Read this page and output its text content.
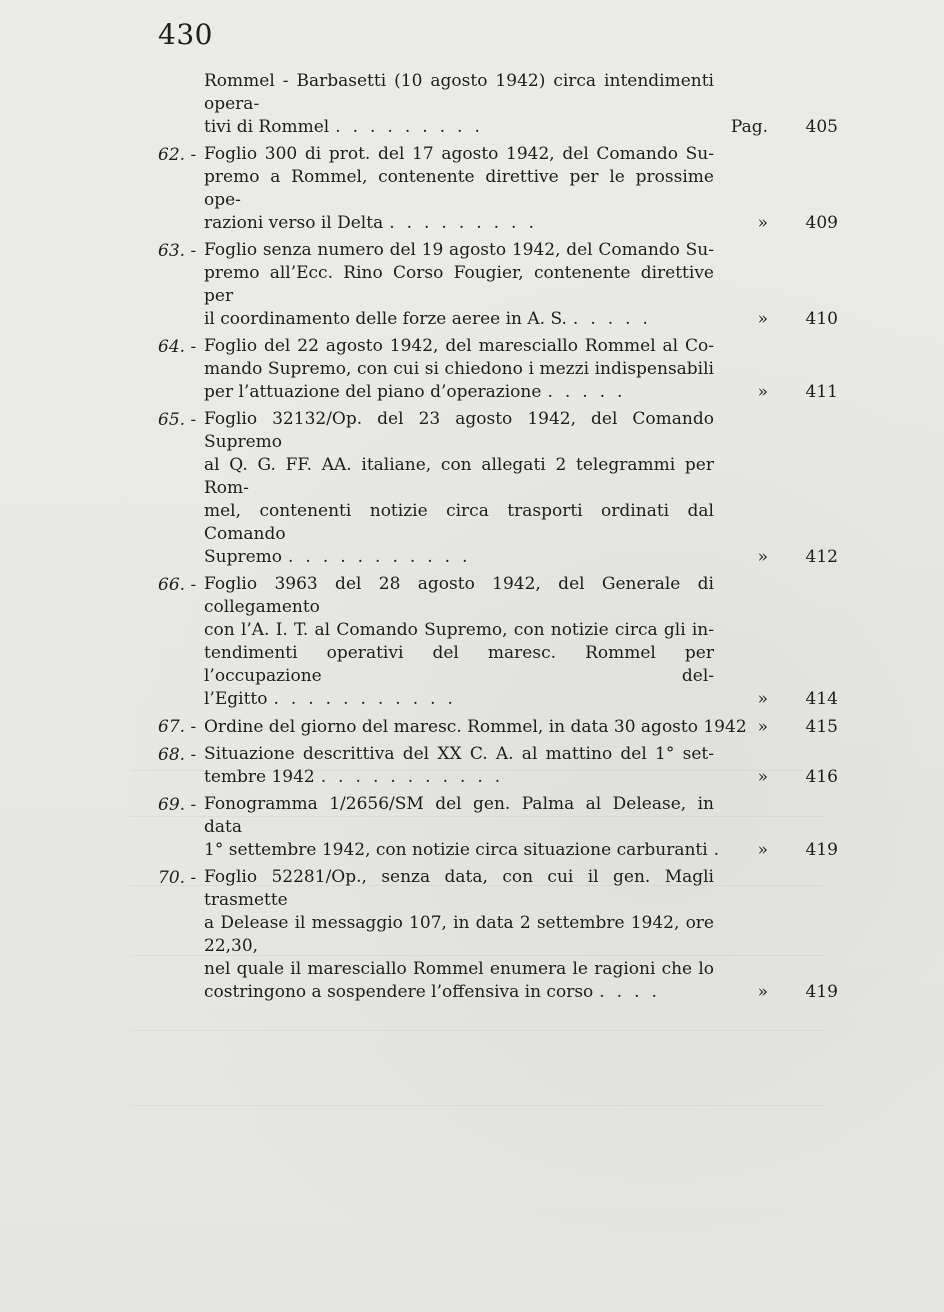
430
Rommel - Barbasetti (10 agosto 1942) circa intendimenti opera-
tivi di Rommel .........	Pag.	405
62. - Foglio 300 di prot. del 17 agosto 1942, del Comando Su-
premo a Rommel, contenente direttive per le prossime ope-
razioni verso il Delta .........	»	409
63. - Foglio senza numero del 19 agosto 1942, del Comando Su-
premo all’Ecc. Rino Corso Fougier, contenente direttive per
il coordinamento delle forze aeree in A. S. .....	»	410
64. - Foglio del 22 agosto 1942, del maresciallo Rommel al Co-
mando Supremo, con cui si chiedono i mezzi indispensabili
per l’attuazione del piano d’operazione .....	»	411
65. - Foglio 32132/Op. del 23 agosto 1942, del Comando Supremo
al Q. G. FF. AA. italiane, con allegati 2 telegrammi per Rom-
mel, contenenti notizie circa trasporti ordinati dal Comando
Supremo ...........	»	412
66. - Foglio 3963 del 28 agosto 1942, del Generale di collegamento
con l’A. I. T. al Comando Supremo, con notizie circa gli in-
tendimenti operativi del maresc. Rommel per l’occupazione del-
l’Egitto ...........	»	414
67. - Ordine del giorno del maresc. Rommel, in data 30 agosto 1942 »	415
68. - Situazione descrittiva del XX C. A. al mattino del 1° set-
tembre 1942 ...........	»	416
69. - Fonogramma 1/2656/SM del gen. Palma al Delease, in data
1° settembre 1942, con notizie circa situazione carburanti .	»	419
70. - Foglio 52281/Op., senza data, con cui il gen. Magli trasmette
a Delease il messaggio 107, in data 2 settembre 1942, ore 22,30,
nel quale il maresciallo Rommel enumera le ragioni che lo
costringono a sospendere l’offensiva in corso ....	»	419
